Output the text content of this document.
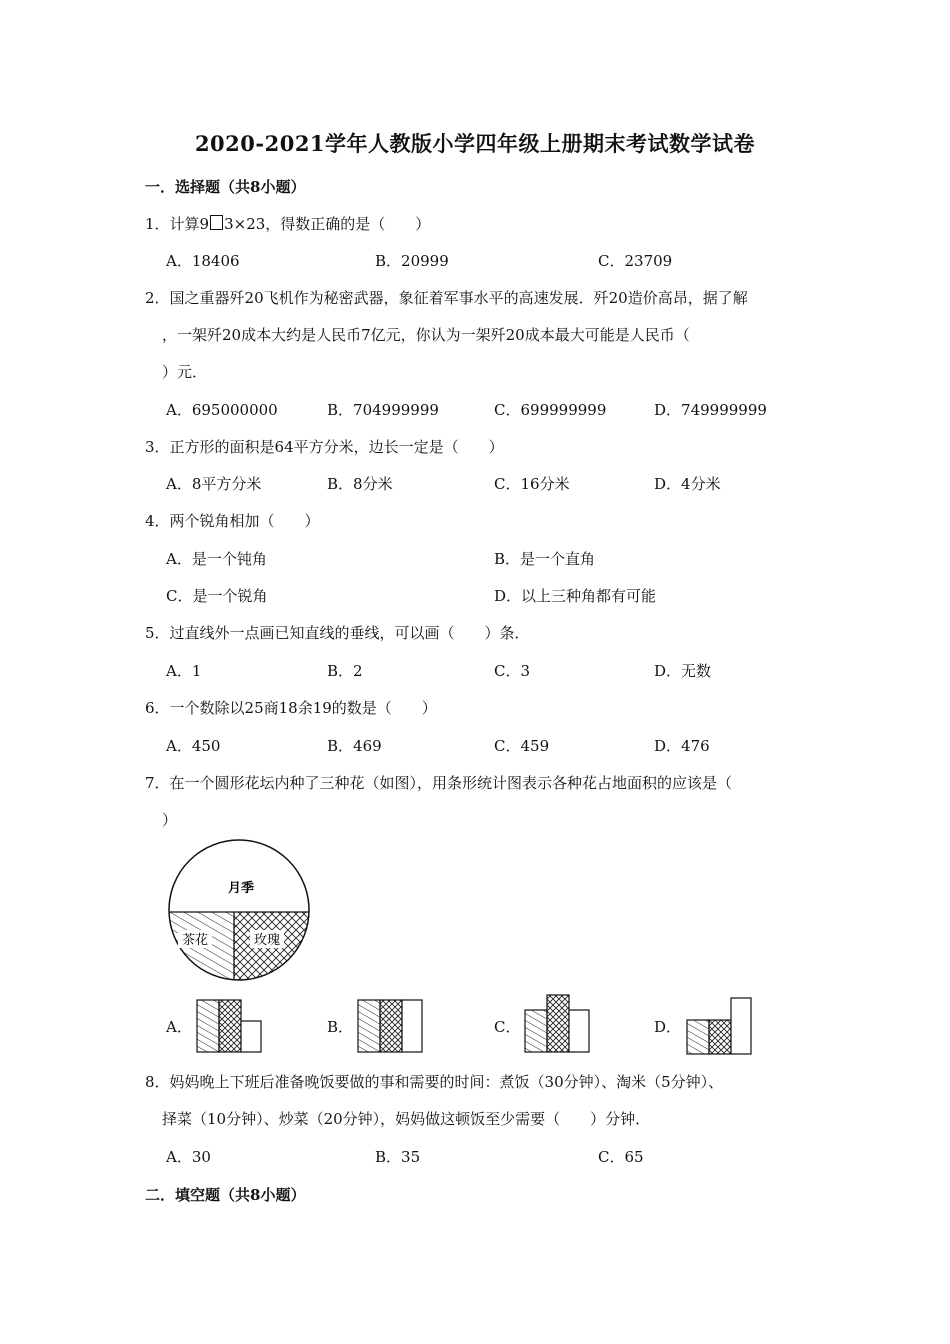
2020-2021学年人教版小学四年级上册期末考试数学试卷
一．选择题（共8小题）
1．计算9 3×23，得数正确的是（　　）
A．18406	B．20999	C．23709
2．国之重器歼20飞机作为秘密武器，象征着军事水平的高速发展．歼20造价高昂，据了解
，一架歼20成本大约是人民币7亿元，你认为一架歼20成本最大可能是人民币（
）元．
A．695000000	B．704999999	C．699999999	D．749999999
3．正方形的面积是64平方分米，边长一定是（　　）
A．8平方分米	B．8分米	C．16分米	D．4分米
4．两个锐角相加（　　）
A．是一个钝角	B．是一个直角
C．是一个锐角	D．以上三种角都有可能
5．过直线外一点画已知直线的垂线，可以画（　　）条．
A．1	B．2	C．3	D．无数
6．一个数除以25商18余19的数是（　　）
A．450	B．469	C．459	D．476
7．在一个圆形花坛内种了三种花（如图），用条形统计图表示各种花占地面积的应该是（
）
月季
茶花	玫瑰
A．	B．	C．	D．
8．妈妈晚上下班后准备晚饭要做的事和需要的时间：煮饭（30分钟）、淘米（5分钟）、
择菜（10分钟）、炒菜（20分钟），妈妈做这顿饭至少需要（　　）分钟．
A．30	B．35	C．65
二．填空题（共8小题）
